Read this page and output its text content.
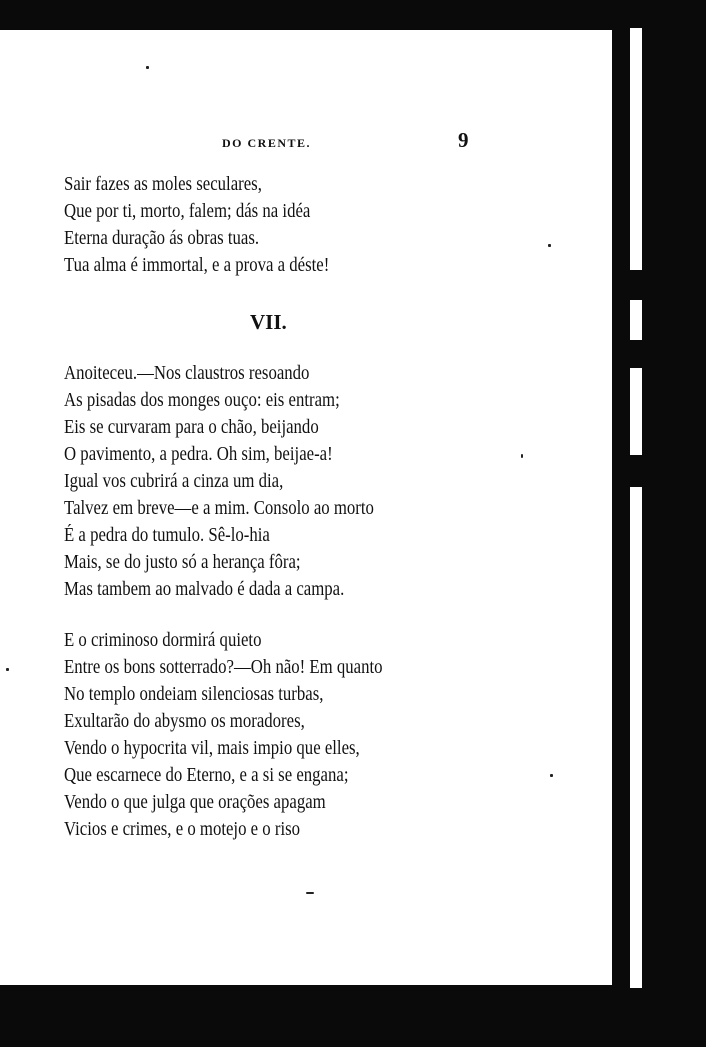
DO CRENTE.	9
Sair fazes as moles seculares,
Que por ti, morto, falem; dás na idéa
Eterna duração ás obras tuas.
Tua alma é immortal, e a prova a déste!
VII.
Anoiteceu.—Nos claustros resoando
As pisadas dos monges ouço: eis entram;
Eis se curvaram para o chão, beijando
O pavimento, a pedra. Oh sim, beijae-a!
Igual vos cubrirá a cinza um dia,
Talvez em breve—e a mim. Consolo ao morto
É a pedra do tumulo. Sê-lo-hia
Mais, se do justo só a herança fôra;
Mas tambem ao malvado é dada a campa.
E o criminoso dormirá quieto
Entre os bons sotterrado?—Oh não! Em quanto
No templo ondeiam silenciosas turbas,
Exultarão do abysmo os moradores,
Vendo o hypocrita vil, mais impio que elles,
Que escarnece do Eterno, e a si se engana;
Vendo o que julga que orações apagam
Vicios e crimes, e o motejo e o riso
